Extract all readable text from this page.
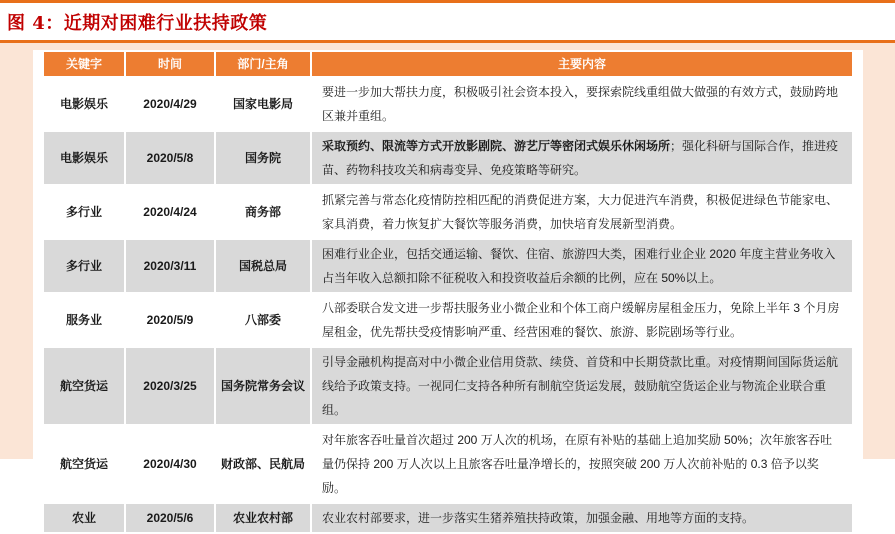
图 4：近期对困难行业扶持政策
关键字	时间	部门/主角	主要内容
电影娱乐	2020/4/29	国家电影局	要进一步加大帮扶力度，积极吸引社会资本投入，要探索院线重组做大做强的有效方式，鼓励跨地区兼并重组。
电影娱乐	2020/5/8	国务院	采取预约、限流等方式开放影剧院、游艺厅等密闭式娱乐休闲场所；强化科研与国际合作，推进疫苗、药物科技攻关和病毒变异、免疫策略等研究。
多行业	2020/4/24	商务部	抓紧完善与常态化疫情防控相匹配的消费促进方案，大力促进汽车消费，积极促进绿色节能家电、家具消费，着力恢复扩大餐饮等服务消费，加快培育发展新型消费。
多行业	2020/3/11	国税总局	困难行业企业，包括交通运输、餐饮、住宿、旅游四大类，困难行业企业 2020 年度主营业务收入占当年收入总额扣除不征税收入和投资收益后余额的比例，应在 50%以上。
服务业	2020/5/9	八部委	八部委联合发文进一步帮扶服务业小微企业和个体工商户缓解房屋租金压力，免除上半年 3 个月房屋租金，优先帮扶受疫情影响严重、经营困难的餐饮、旅游、影院剧场等行业。
航空货运	2020/3/25	国务院常务会议	引导金融机构提高对中小微企业信用贷款、续贷、首贷和中长期贷款比重。对疫情期间国际货运航线给予政策支持。一视同仁支持各种所有制航空货运发展，鼓励航空货运企业与物流企业联合重组。
航空货运	2020/4/30	财政部、民航局	对年旅客吞吐量首次超过 200 万人次的机场，在原有补贴的基础上追加奖励 50%；次年旅客吞吐量仍保持 200 万人次以上且旅客吞吐量净增长的，按照突破 200 万人次前补贴的 0.3 倍予以奖励。
农业	2020/5/6	农业农村部	农业农村部要求，进一步落实生猪养殖扶持政策，加强金融、用地等方面的支持。
